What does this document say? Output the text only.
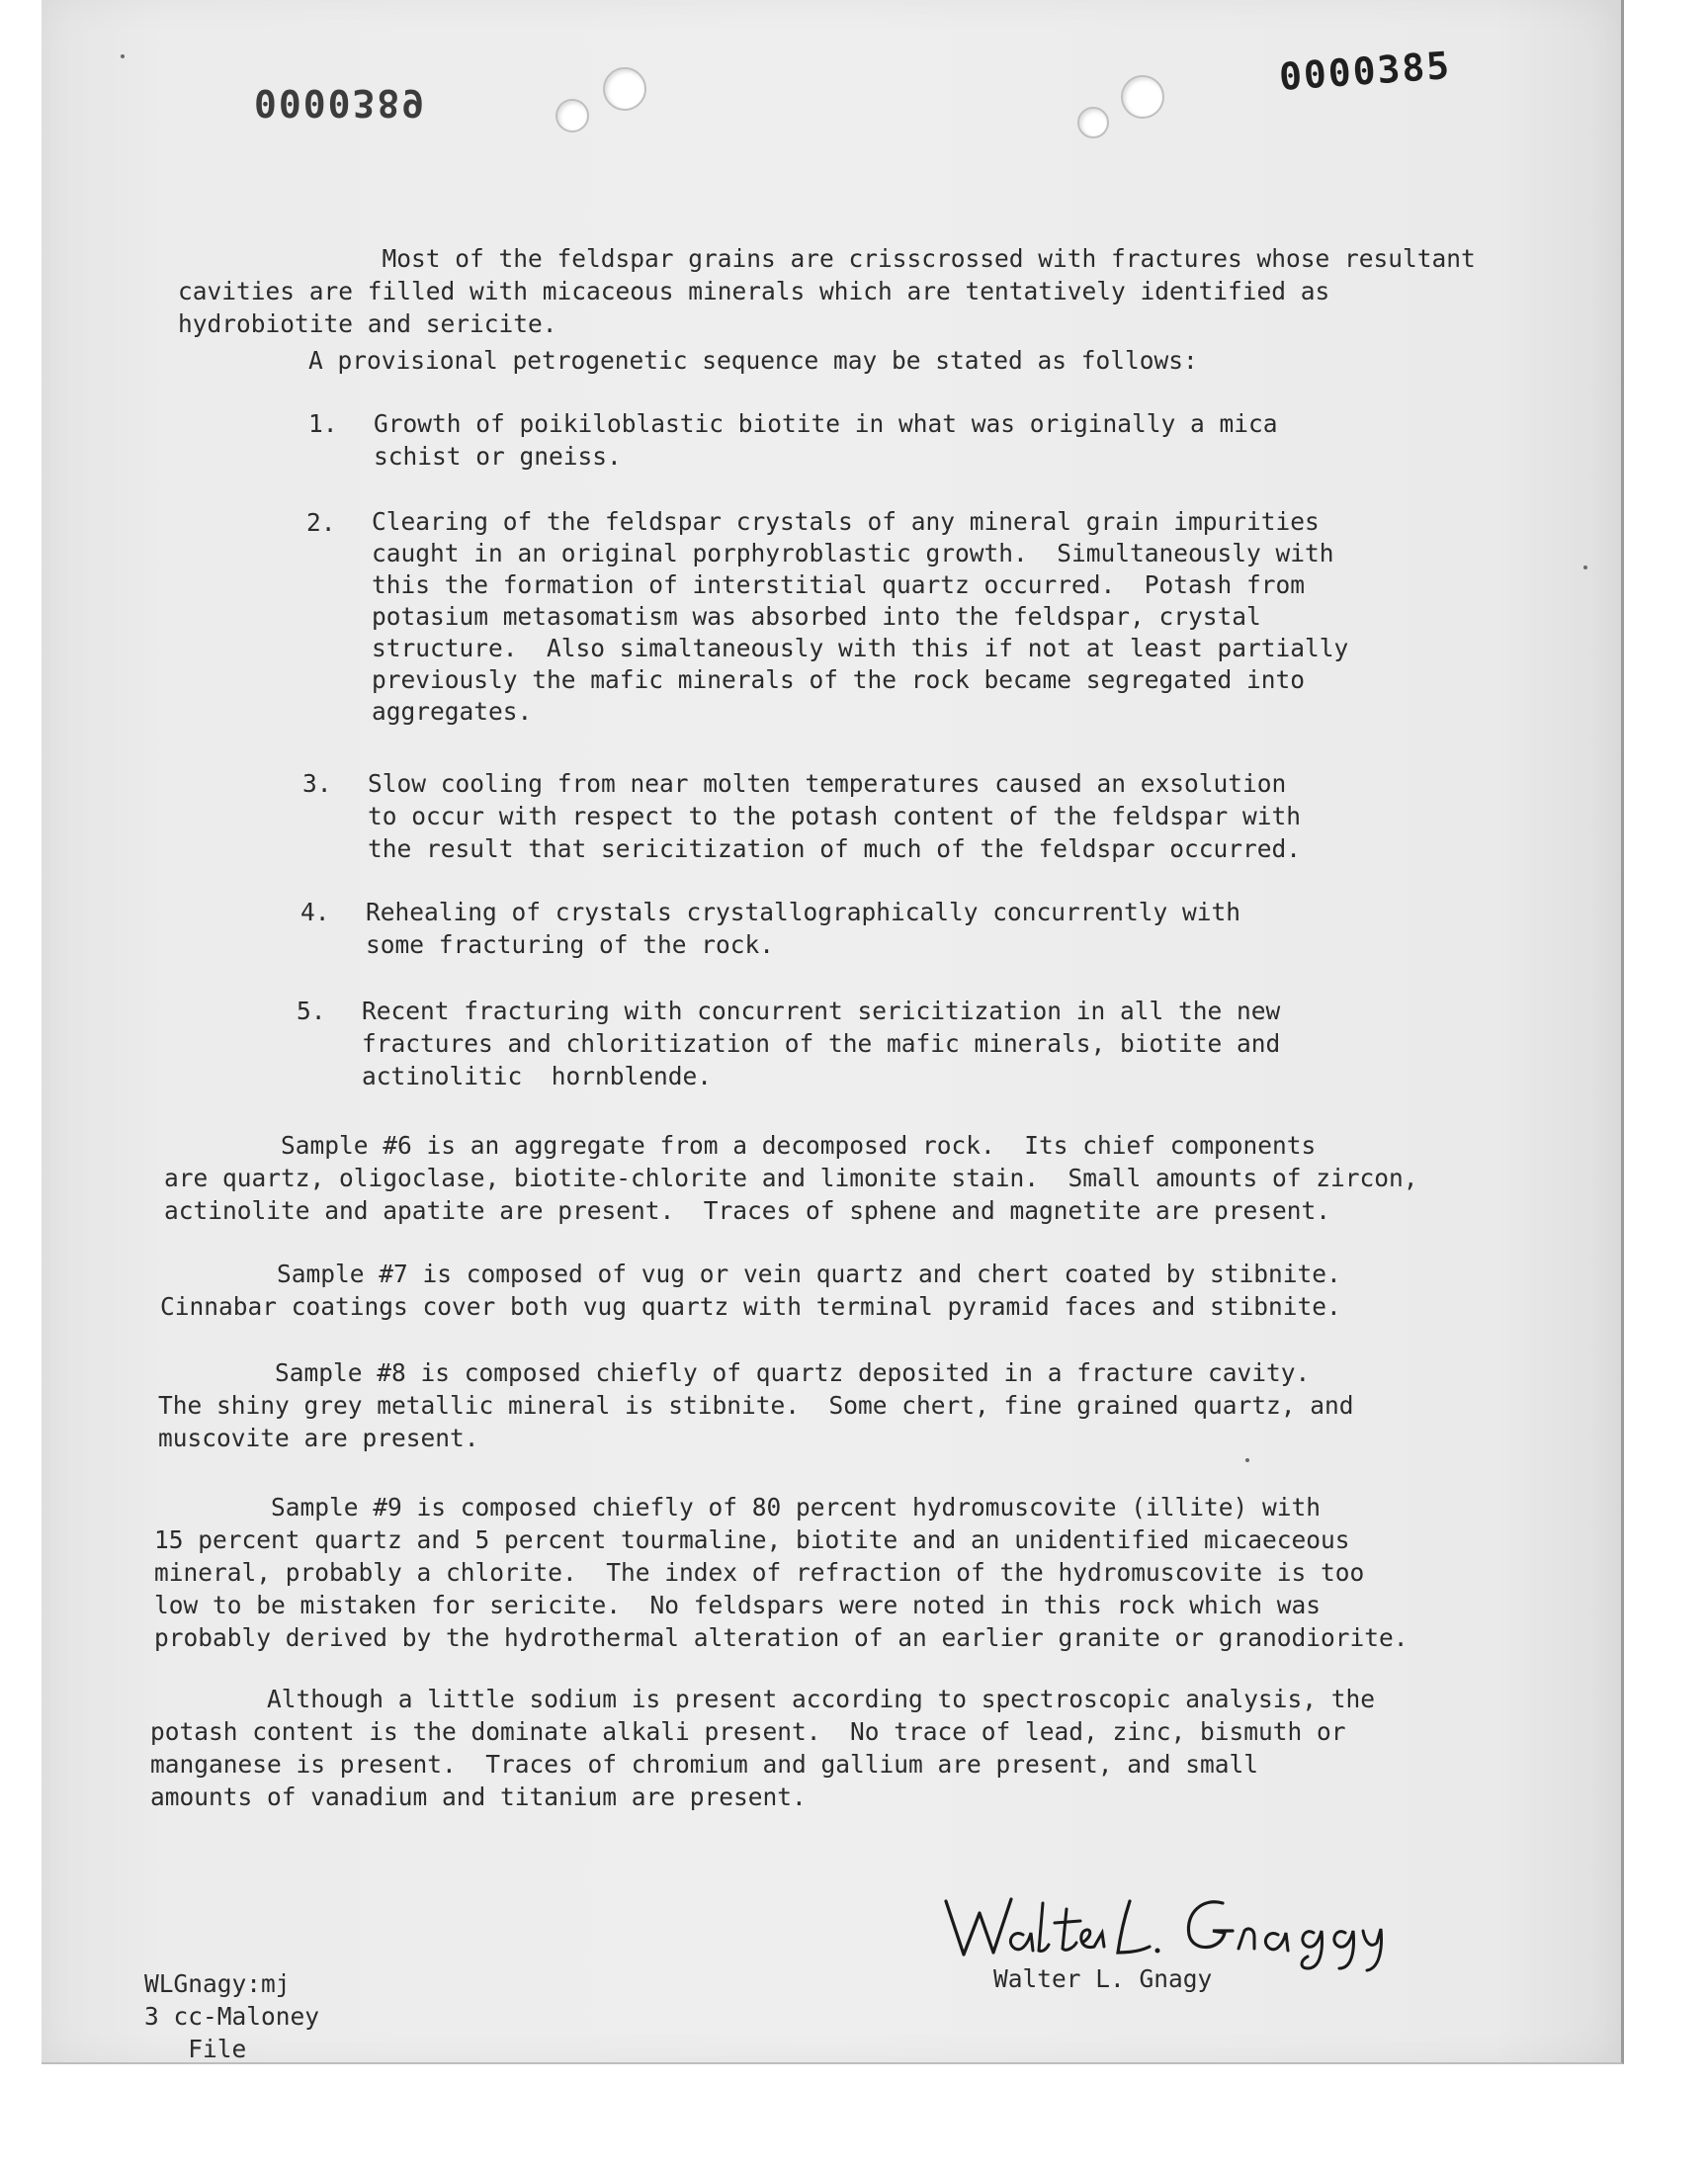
0000389
0000385

Most of the feldspar grains are crisscrossed with fractures whose resultant
cavities are filled with micaceous minerals which are tentatively identified as
hydrobiotite and sericite.

A provisional petrogenetic sequence may be stated as follows:
1. Growth of poikiloblastic biotite in what was originally a mica
schist or gneiss.
2. Clearing of the feldspar crystals of any mineral grain impurities
caught in an original porphyroblastic growth.  Simultaneously with
this the formation of interstitial quartz occurred.  Potash from
potasium metasomatism was absorbed into the feldspar, crystal
structure.  Also simaltaneously with this if not at least partially
previously the mafic minerals of the rock became segregated into
aggregates.
3. Slow cooling from near molten temperatures caused an exsolution
to occur with respect to the potash content of the feldspar with
the result that sericitization of much of the feldspar occurred.
4. Rehealing of crystals crystallographically concurrently with
some fracturing of the rock.
5. Recent fracturing with concurrent sericitization in all the new
fractures and chloritization of the mafic minerals, biotite and
actinolitic  hornblende.
Sample #6 is an aggregate from a decomposed rock.  Its chief components
are quartz, oligoclase, biotite-chlorite and limonite stain.  Small amounts of zircon,
actinolite and apatite are present.  Traces of sphene and magnetite are present.
Sample #7 is composed of vug or vein quartz and chert coated by stibnite.
Cinnabar coatings cover both vug quartz with terminal pyramid faces and stibnite.
Sample #8 is composed chiefly of quartz deposited in a fracture cavity.
The shiny grey metallic mineral is stibnite.  Some chert, fine grained quartz, and
muscovite are present.
Sample #9 is composed chiefly of 80 percent hydromuscovite (illite) with
15 percent quartz and 5 percent tourmaline, biotite and an unidentified micaeceous
mineral, probably a chlorite.  The index of refraction of the hydromuscovite is too
low to be mistaken for sericite.  No feldspars were noted in this rock which was
probably derived by the hydrothermal alteration of an earlier granite or granodiorite.
Although a little sodium is present according to spectroscopic analysis, the
potash content is the dominate alkali present.  No trace of lead, zinc, bismuth or
manganese is present.  Traces of chromium and gallium are present, and small
amounts of vanadium and titanium are present.
Walter L. Gnagy
WLGnagy:mj
3 cc-Maloney
File
